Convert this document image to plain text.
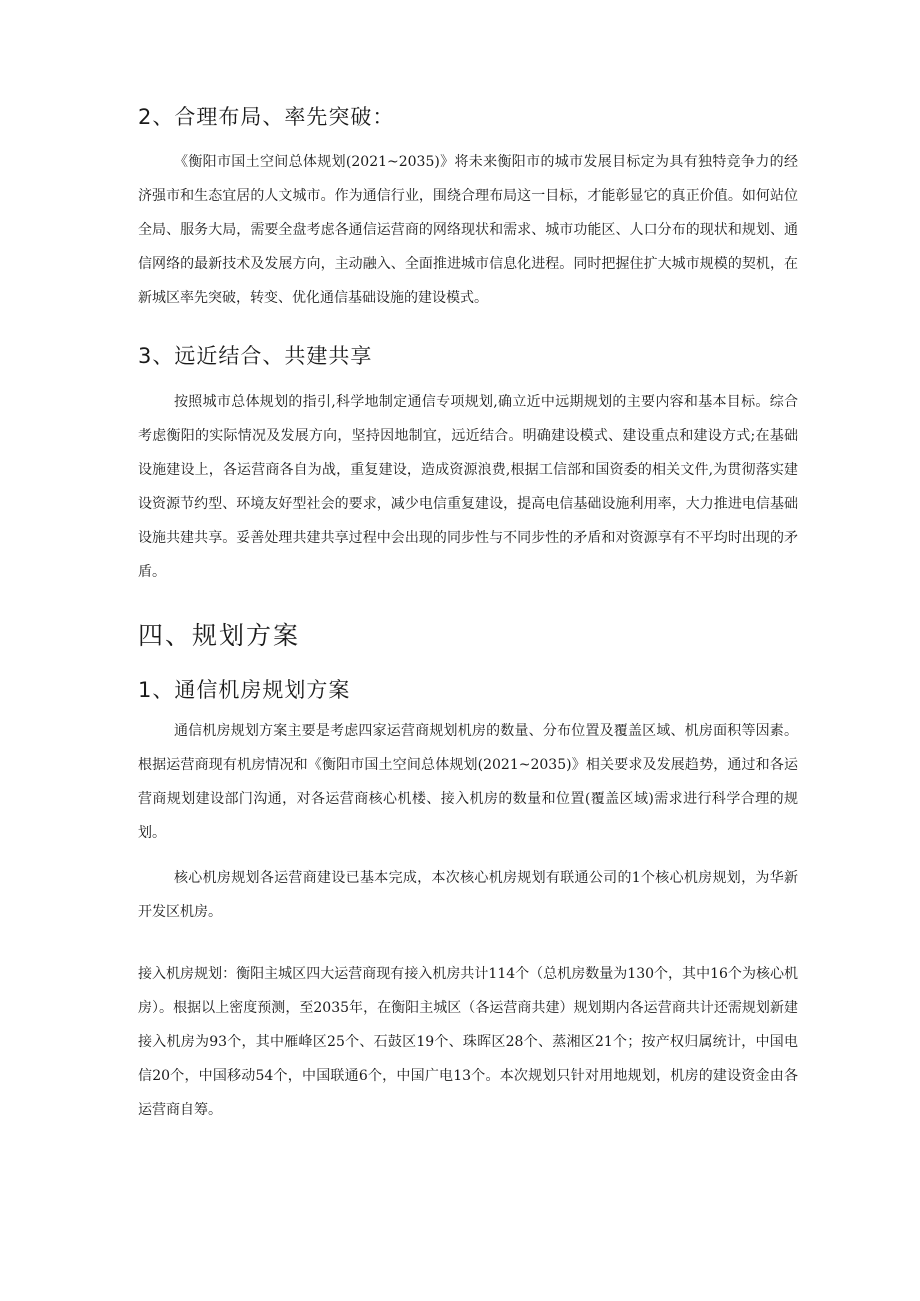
2、合理布局、率先突破：

《衡阳市国土空间总体规划(2021~2035)》将未来衡阳市的城市发展目标定为具有独特竞争力的经济强市和生态宜居的人文城市。作为通信行业，围绕合理布局这一目标，才能彰显它的真正价值。如何站位全局、服务大局，需要全盘考虑各通信运营商的网络现状和需求、城市功能区、人口分布的现状和规划、通信网络的最新技术及发展方向，主动融入、全面推进城市信息化进程。同时把握住扩大城市规模的契机，在新城区率先突破，转变、优化通信基础设施的建设模式。

3、远近结合、共建共享

按照城市总体规划的指引,科学地制定通信专项规划,确立近中远期规划的主要内容和基本目标。综合考虑衡阳的实际情况及发展方向，坚持因地制宜，远近结合。明确建设模式、建设重点和建设方式;在基础设施建设上，各运营商各自为战，重复建设，造成资源浪费,根据工信部和国资委的相关文件,为贯彻落实建设资源节约型、环境友好型社会的要求，减少电信重复建设，提高电信基础设施利用率，大力推进电信基础设施共建共享。妥善处理共建共享过程中会出现的同步性与不同步性的矛盾和对资源享有不平均时出现的矛盾。

四、规划方案
1、通信机房规划方案

通信机房规划方案主要是考虑四家运营商规划机房的数量、分布位置及覆盖区域、机房面积等因素。根据运营商现有机房情况和《衡阳市国土空间总体规划(2021~2035)》相关要求及发展趋势，通过和各运营商规划建设部门沟通，对各运营商核心机楼、接入机房的数量和位置(覆盖区域)需求进行科学合理的规划。

核心机房规划各运营商建设已基本完成，本次核心机房规划有联通公司的1个核心机房规划，为华新开发区机房。

接入机房规划：衡阳主城区四大运营商现有接入机房共计114个（总机房数量为130个，其中16个为核心机房）。根据以上密度预测，至2035年，在衡阳主城区（各运营商共建）规划期内各运营商共计还需规划新建接入机房为93个，其中雁峰区25个、石鼓区19个、珠晖区28个、蒸湘区21个；按产权归属统计，中国电信20个，中国移动54个，中国联通6个，中国广电13个。本次规划只针对用地规划，机房的建设资金由各运营商自筹。
